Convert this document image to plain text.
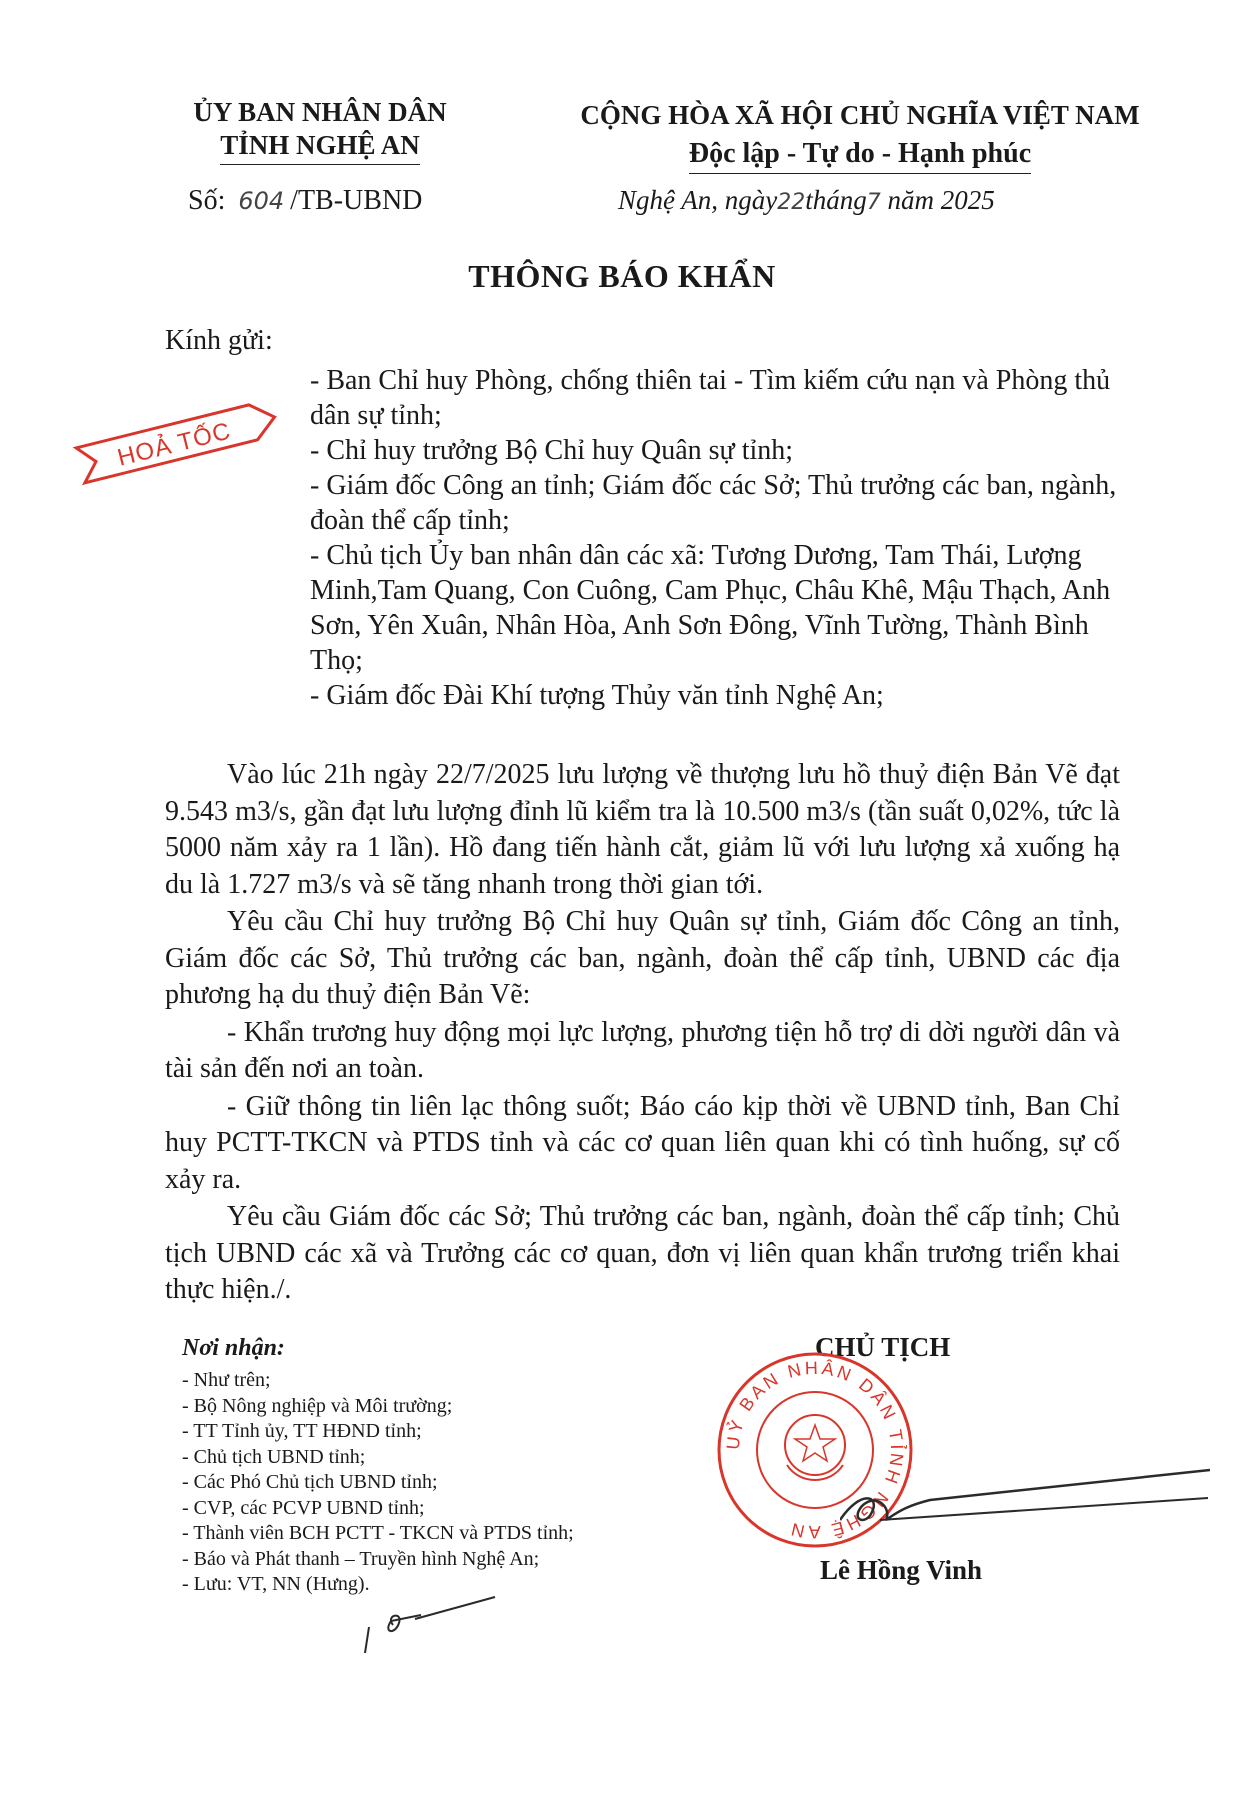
ỦY BAN NHÂN DÂN
TỈNH NGHỆ AN
CỘNG HÒA XÃ HỘI CHỦ NGHĨA VIỆT NAM
Độc lập - Tự do - Hạnh phúc
Số: 604 /TB-UBND	Nghệ An, ngày22tháng7 năm 2025
THÔNG BÁO KHẨN
Kính gửi:
HOẢ TỐC
- Ban Chỉ huy Phòng, chống thiên tai - Tìm kiếm cứu nạn và Phòng thủ dân sự tỉnh;
- Chỉ huy trưởng Bộ Chỉ huy Quân sự tỉnh;
- Giám đốc Công an tỉnh; Giám đốc các Sở; Thủ trưởng các ban, ngành, đoàn thể cấp tỉnh;
- Chủ tịch Ủy ban nhân dân các xã: Tương Dương, Tam Thái, Lượng Minh,Tam Quang, Con Cuông, Cam Phục, Châu Khê, Mậu Thạch, Anh Sơn, Yên Xuân, Nhân Hòa, Anh Sơn Đông, Vĩnh Tường, Thành Bình Thọ;
- Giám đốc Đài Khí tượng Thủy văn tỉnh Nghệ An;

Vào lúc 21h ngày 22/7/2025 lưu lượng về thượng lưu hồ thuỷ điện Bản Vẽ đạt 9.543 m3/s, gần đạt lưu lượng đỉnh lũ kiểm tra là 10.500 m3/s (tần suất 0,02%, tức là 5000 năm xảy ra 1 lần). Hồ đang tiến hành cắt, giảm lũ với lưu lượng xả xuống hạ du là 1.727 m3/s và sẽ tăng nhanh trong thời gian tới.

Yêu cầu Chỉ huy trưởng Bộ Chỉ huy Quân sự tỉnh, Giám đốc Công an tỉnh, Giám đốc các Sở, Thủ trưởng các ban, ngành, đoàn thể cấp tỉnh, UBND các địa phương hạ du thuỷ điện Bản Vẽ:

- Khẩn trương huy động mọi lực lượng, phương tiện hỗ trợ di dời người dân và tài sản đến nơi an toàn.

- Giữ thông tin liên lạc thông suốt; Báo cáo kịp thời về UBND tỉnh, Ban Chỉ huy PCTT-TKCN và PTDS tỉnh và các cơ quan liên quan khi có tình huống, sự cố xảy ra.

Yêu cầu Giám đốc các Sở; Thủ trưởng các ban, ngành, đoàn thể cấp tỉnh; Chủ tịch UBND các xã và Trưởng các cơ quan, đơn vị liên quan khẩn trương triển khai thực hiện./.

Nơi nhận:
- Như trên;
- Bộ Nông nghiệp và Môi trường;
- TT Tỉnh ủy, TT HĐND tỉnh;
- Chủ tịch UBND tỉnh;
- Các Phó Chủ tịch UBND tỉnh;
- CVP, các PCVP UBND tỉnh;
- Thành viên BCH PCTT - TKCN và PTDS tỉnh;
- Báo và Phát thanh – Truyền hình Nghệ An;
- Lưu: VT, NN (Hưng).
CHỦ TỊCH
UỶ BAN NHÂN DÂN TỈNH NGHỆ AN
Lê Hồng Vinh
